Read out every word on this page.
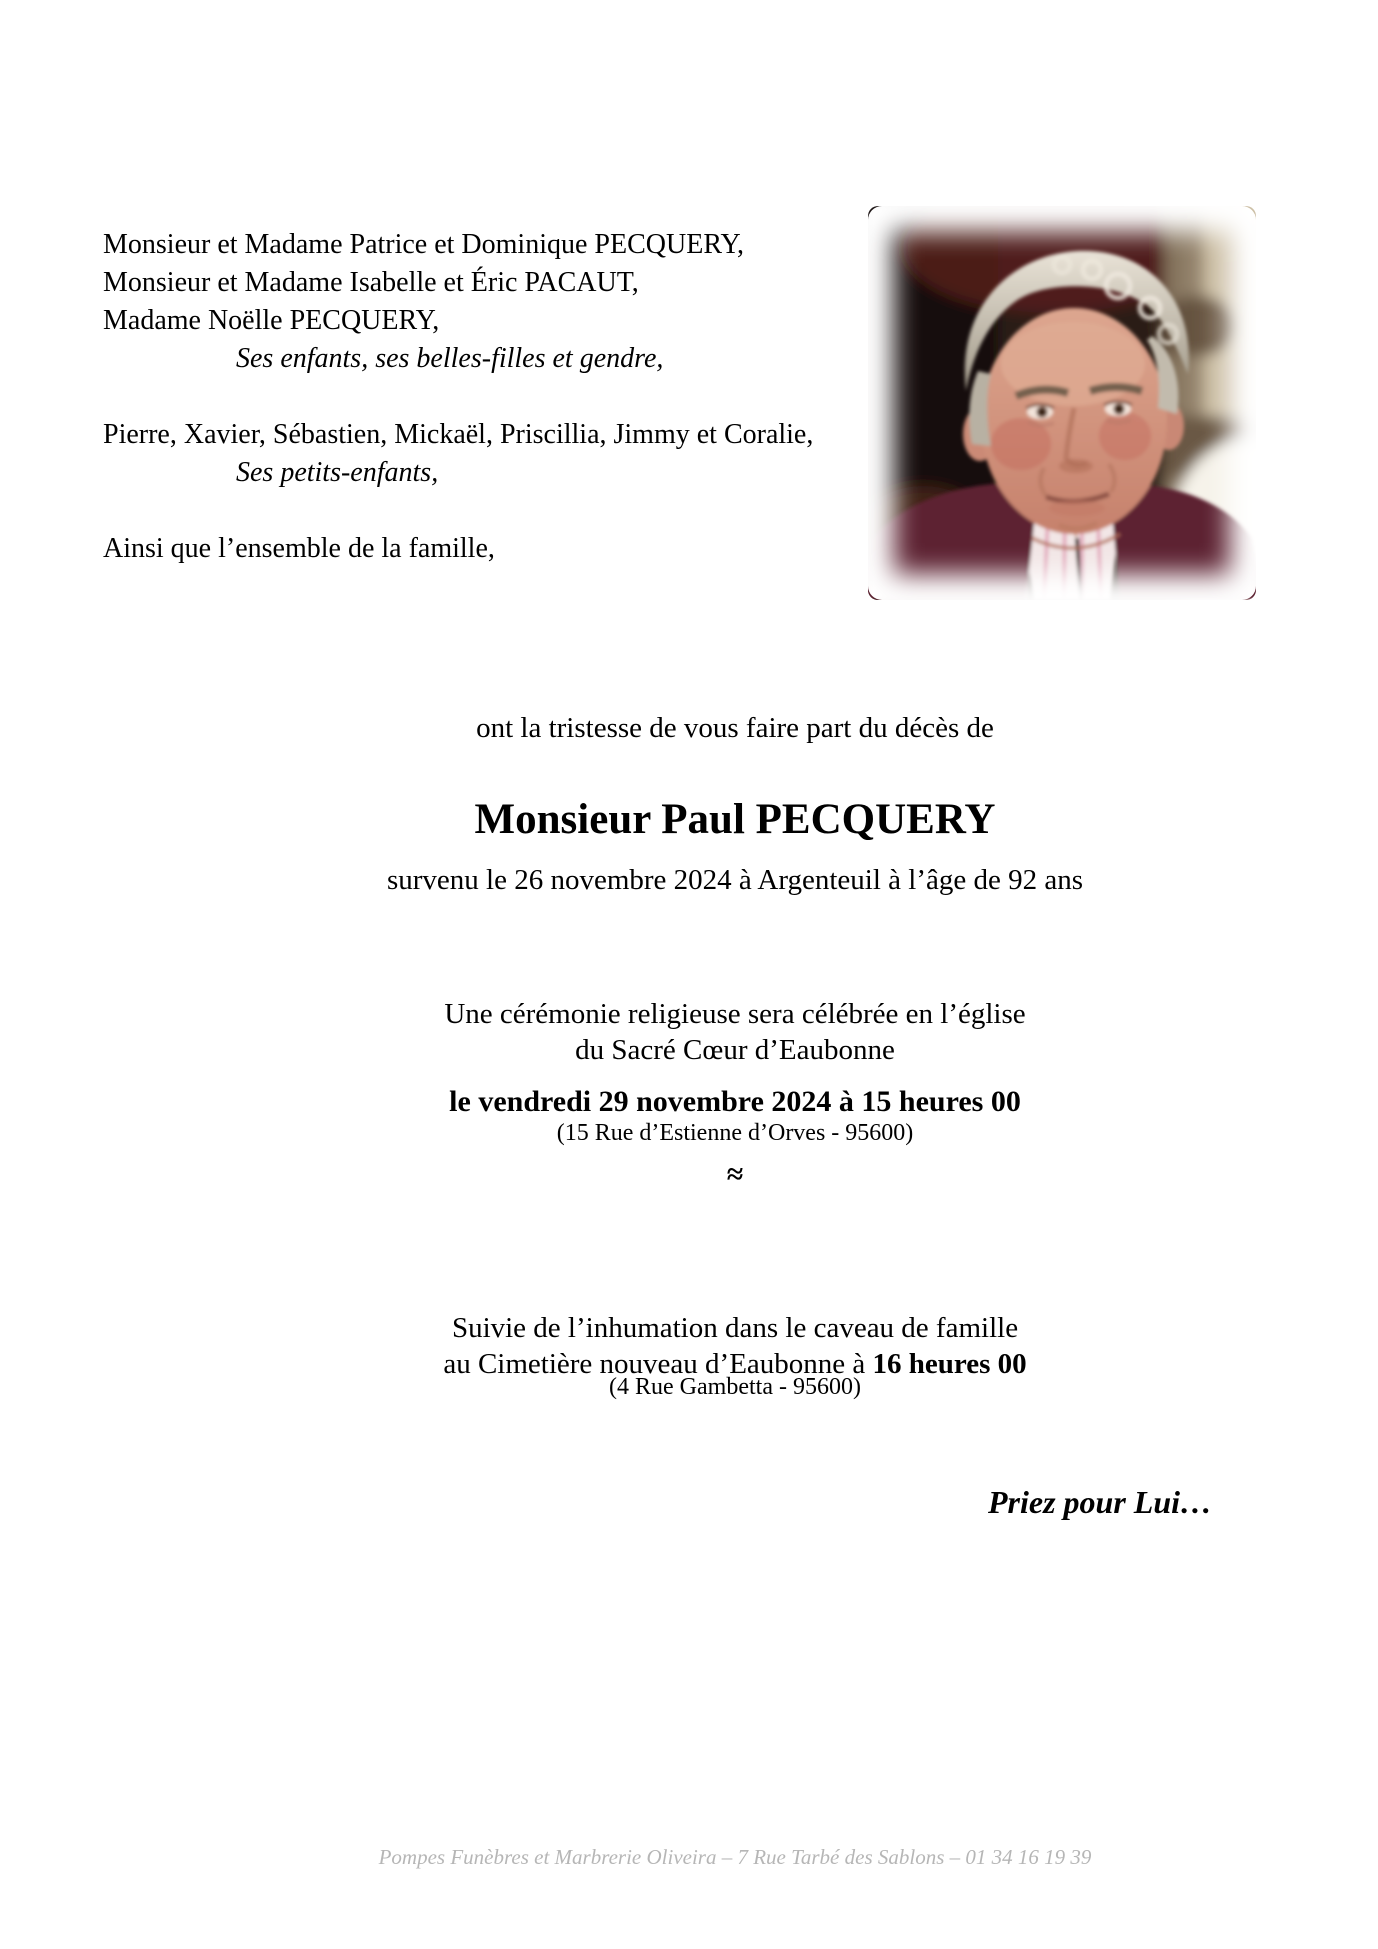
Monsieur et Madame Patrice et Dominique PECQUERY,
Monsieur et Madame Isabelle et Éric PACAUT,
Madame Noëlle PECQUERY,
Ses enfants, ses belles-filles et gendre,
Pierre, Xavier, Sébastien, Mickaël, Priscillia, Jimmy et Coralie,
Ses petits-enfants,
Ainsi que l’ensemble de la famille,
ont la tristesse de vous faire part du décès de
Monsieur Paul PECQUERY
survenu le 26 novembre 2024 à Argenteuil à l’âge de 92 ans
Une cérémonie religieuse sera célébrée en l’église
du Sacré Cœur d’Eaubonne
le vendredi 29 novembre 2024 à 15 heures 00
(15 Rue d’Estienne d’Orves - 95600)
≈
Suivie de l’inhumation dans le caveau de famille
au Cimetière nouveau d’Eaubonne à 16 heures 00
(4 Rue Gambetta - 95600)
Priez pour Lui…
Pompes Funèbres et Marbrerie Oliveira – 7 Rue Tarbé des Sablons – 01 34 16 19 39
